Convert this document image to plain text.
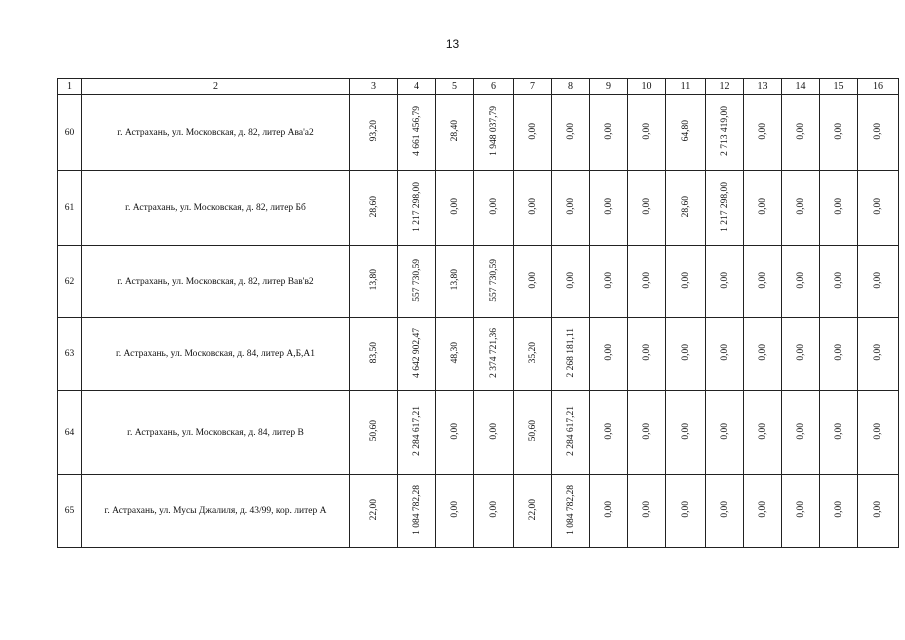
13
1	2	3	4	5	6	7	8	9	10	11	12	13	14	15	16
60	г. Астрахань, ул. Московская, д. 82, литер Ава'а2	93,20	4 661 456,79	28,40	1 948 037,79	0,00	0,00	0,00	0,00	64,80	2 713 419,00	0,00	0,00	0,00	0,00
61	г. Астрахань, ул. Московская, д. 82, литер Бб	28,60	1 217 298,00	0,00	0,00	0,00	0,00	0,00	0,00	28,60	1 217 298,00	0,00	0,00	0,00	0,00
62	г. Астрахань, ул. Московская, д. 82, литер Вав'в2	13,80	557 730,59	13,80	557 730,59	0,00	0,00	0,00	0,00	0,00	0,00	0,00	0,00	0,00	0,00
63	г. Астрахань, ул. Московская, д. 84, литер А,Б,А1	83,50	4 642 902,47	48,30	2 374 721,36	35,20	2 268 181,11	0,00	0,00	0,00	0,00	0,00	0,00	0,00	0,00
64	г. Астрахань, ул. Московская, д. 84, литер В	50,60	2 284 617,21	0,00	0,00	50,60	2 284 617,21	0,00	0,00	0,00	0,00	0,00	0,00	0,00	0,00
65	г. Астрахань, ул. Мусы Джалиля, д. 43/99, кор. литер А	22,00	1 084 782,28	0,00	0,00	22,00	1 084 782,28	0,00	0,00	0,00	0,00	0,00	0,00	0,00	0,00
